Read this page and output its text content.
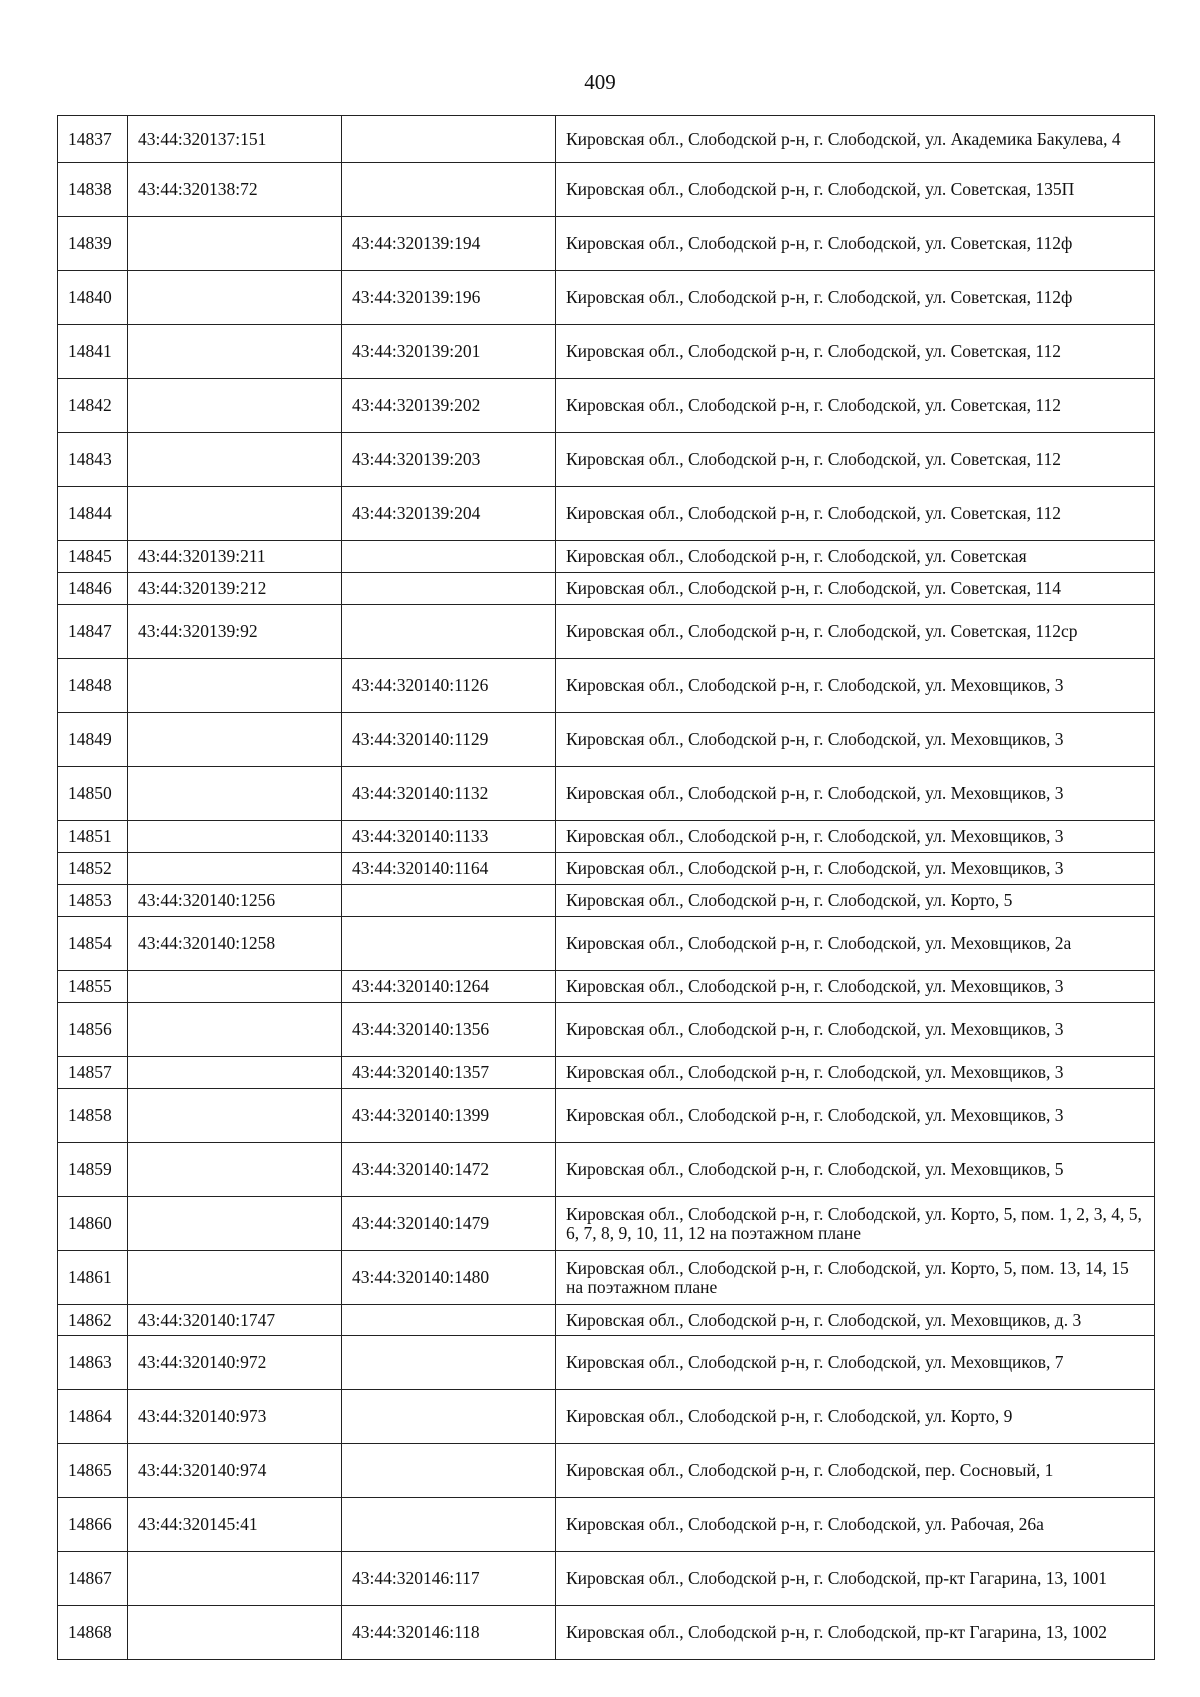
409
14837	43:44:320137:151		Кировская обл., Слободской р-н, г. Слободской, ул. Академика Бакулева, 4
14838	43:44:320138:72		Кировская обл., Слободской р-н, г. Слободской, ул. Советская, 135П
14839		43:44:320139:194	Кировская обл., Слободской р-н, г. Слободской, ул. Советская, 112ф
14840		43:44:320139:196	Кировская обл., Слободской р-н, г. Слободской, ул. Советская, 112ф
14841		43:44:320139:201	Кировская обл., Слободской р-н, г. Слободской, ул. Советская, 112
14842		43:44:320139:202	Кировская обл., Слободской р-н, г. Слободской, ул. Советская, 112
14843		43:44:320139:203	Кировская обл., Слободской р-н, г. Слободской, ул. Советская, 112
14844		43:44:320139:204	Кировская обл., Слободской р-н, г. Слободской, ул. Советская, 112
14845	43:44:320139:211		Кировская обл., Слободской р-н, г. Слободской, ул. Советская
14846	43:44:320139:212		Кировская обл., Слободской р-н, г. Слободской, ул. Советская, 114
14847	43:44:320139:92		Кировская обл., Слободской р-н, г. Слободской, ул. Советская, 112ср
14848		43:44:320140:1126	Кировская обл., Слободской р-н, г. Слободской, ул. Меховщиков, 3
14849		43:44:320140:1129	Кировская обл., Слободской р-н, г. Слободской, ул. Меховщиков, 3
14850		43:44:320140:1132	Кировская обл., Слободской р-н, г. Слободской, ул. Меховщиков, 3
14851		43:44:320140:1133	Кировская обл., Слободской р-н, г. Слободской, ул. Меховщиков, 3
14852		43:44:320140:1164	Кировская обл., Слободской р-н, г. Слободской, ул. Меховщиков, 3
14853	43:44:320140:1256		Кировская обл., Слободской р-н, г. Слободской, ул. Корто, 5
14854	43:44:320140:1258		Кировская обл., Слободской р-н, г. Слободской, ул. Меховщиков, 2а
14855		43:44:320140:1264	Кировская обл., Слободской р-н, г. Слободской, ул. Меховщиков, 3
14856		43:44:320140:1356	Кировская обл., Слободской р-н, г. Слободской, ул. Меховщиков, 3
14857		43:44:320140:1357	Кировская обл., Слободской р-н, г. Слободской, ул. Меховщиков, 3
14858		43:44:320140:1399	Кировская обл., Слободской р-н, г. Слободской, ул. Меховщиков, 3
14859		43:44:320140:1472	Кировская обл., Слободской р-н, г. Слободской, ул. Меховщиков, 5
14860		43:44:320140:1479	Кировская обл., Слободской р-н, г. Слободской, ул. Корто, 5, пом. 1, 2, 3, 4, 5, 6, 7, 8, 9, 10, 11, 12 на поэтажном плане
14861		43:44:320140:1480	Кировская обл., Слободской р-н, г. Слободской, ул. Корто, 5, пом. 13, 14, 15 на поэтажном плане
14862	43:44:320140:1747		Кировская обл., Слободской р-н, г. Слободской, ул. Меховщиков, д. 3
14863	43:44:320140:972		Кировская обл., Слободской р-н, г. Слободской, ул. Меховщиков, 7
14864	43:44:320140:973		Кировская обл., Слободской р-н, г. Слободской, ул. Корто, 9
14865	43:44:320140:974		Кировская обл., Слободской р-н, г. Слободской, пер. Сосновый, 1
14866	43:44:320145:41		Кировская обл., Слободской р-н, г. Слободской, ул. Рабочая, 26а
14867		43:44:320146:117	Кировская обл., Слободской р-н, г. Слободской, пр-кт Гагарина, 13, 1001
14868		43:44:320146:118	Кировская обл., Слободской р-н, г. Слободской, пр-кт Гагарина, 13, 1002
